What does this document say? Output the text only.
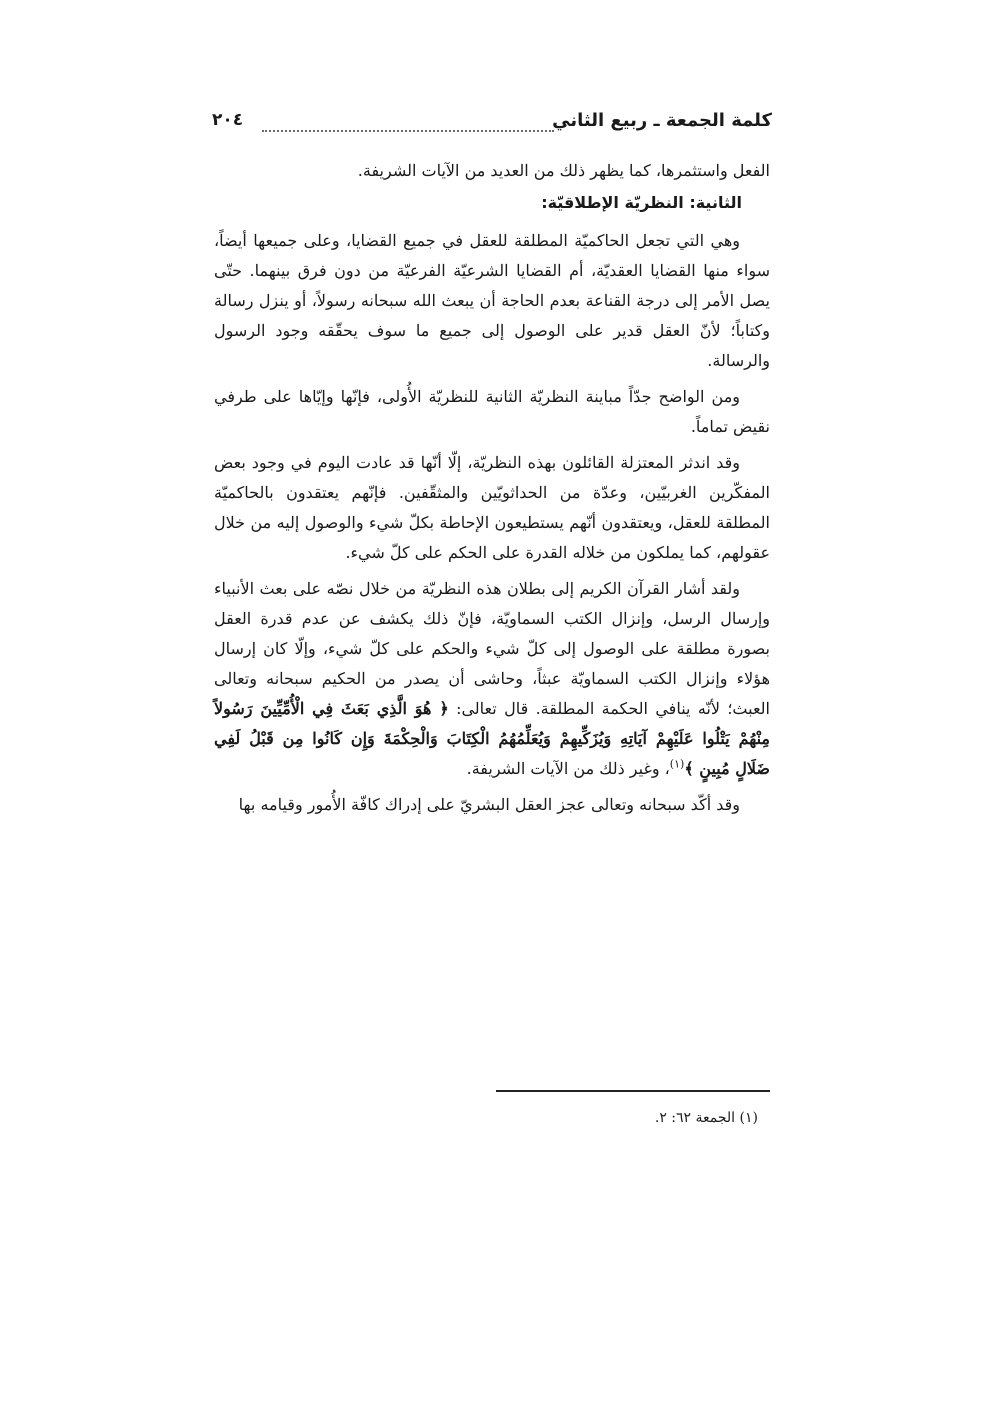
كلمة الجمعة ـ ربيع الثاني
٢٠٤

الفعل واستثمرها، كما يظهر ذلك من العديد من الآيات الشريفة.

الثانية: النظريّة الإطلاقيّة:

وهي التي تجعل الحاكميّة المطلقة للعقل في جميع القضايا، وعلى جميعها أيضاً، سواء منها القضايا العقديّة، أم القضايا الشرعيّة الفرعيّة من دون فرق بينهما. حتّى يصل الأمر إلى درجة القناعة بعدم الحاجة أن يبعث الله سبحانه رسولاً، أو ينزل رسالة وكتاباً؛ لأنّ العقل قدير على الوصول إلى جميع ما سوف يحقّقه وجود الرسول والرسالة.

ومن الواضح جدّاً مباينة النظريّة الثانية للنظريّة الأُولى، فإنّها وإيّاها على طرفي نقيض تماماً.

وقد اندثر المعتزلة القائلون بهذه النظريّة، إلّا أنّها قد عادت اليوم في وجود بعض المفكّرين الغربيّين، وعدّة من الحداثويّين والمثقّفين. فإنّهم يعتقدون بالحاكميّة المطلقة للعقل، ويعتقدون أنّهم يستطيعون الإحاطة بكلّ شيء والوصول إليه من خلال عقولهم، كما يملكون من خلاله القدرة على الحكم على كلّ شيء.

ولقد أشار القرآن الكريم إلى بطلان هذه النظريّة من خلال نصّه على بعث الأنبياء وإرسال الرسل، وإنزال الكتب السماويّة، فإنّ ذلك يكشف عن عدم قدرة العقل بصورة مطلقة على الوصول إلى كلّ شيء والحكم على كلّ شيء، وإلّا كان إرسال هؤلاء وإنزال الكتب السماويّة عبثاً، وحاشى أن يصدر من الحكيم سبحانه وتعالى العبث؛ لأنّه ينافي الحكمة المطلقة. قال تعالى: ﴿ هُوَ الَّذِي بَعَثَ فِي الْأُمِّيِّينَ رَسُولاً مِنْهُمْ يَتْلُوا عَلَيْهِمْ آيَاتِهِ وَيُزَكِّيهِمْ وَيُعَلِّمُهُمُ الْكِتَابَ وَالْحِكْمَةَ وَإِن كَانُوا مِن قَبْلُ لَفِي ضَلَالٍ مُبِينٍ ﴾$^{(١)}$، وغير ذلك من الآيات الشريفة.

وقد أكّد سبحانه وتعالى عجز العقل البشريّ على إدراك كافّة الأُمور وقيامه بها

(١) الجمعة ٦٢: ٢.
